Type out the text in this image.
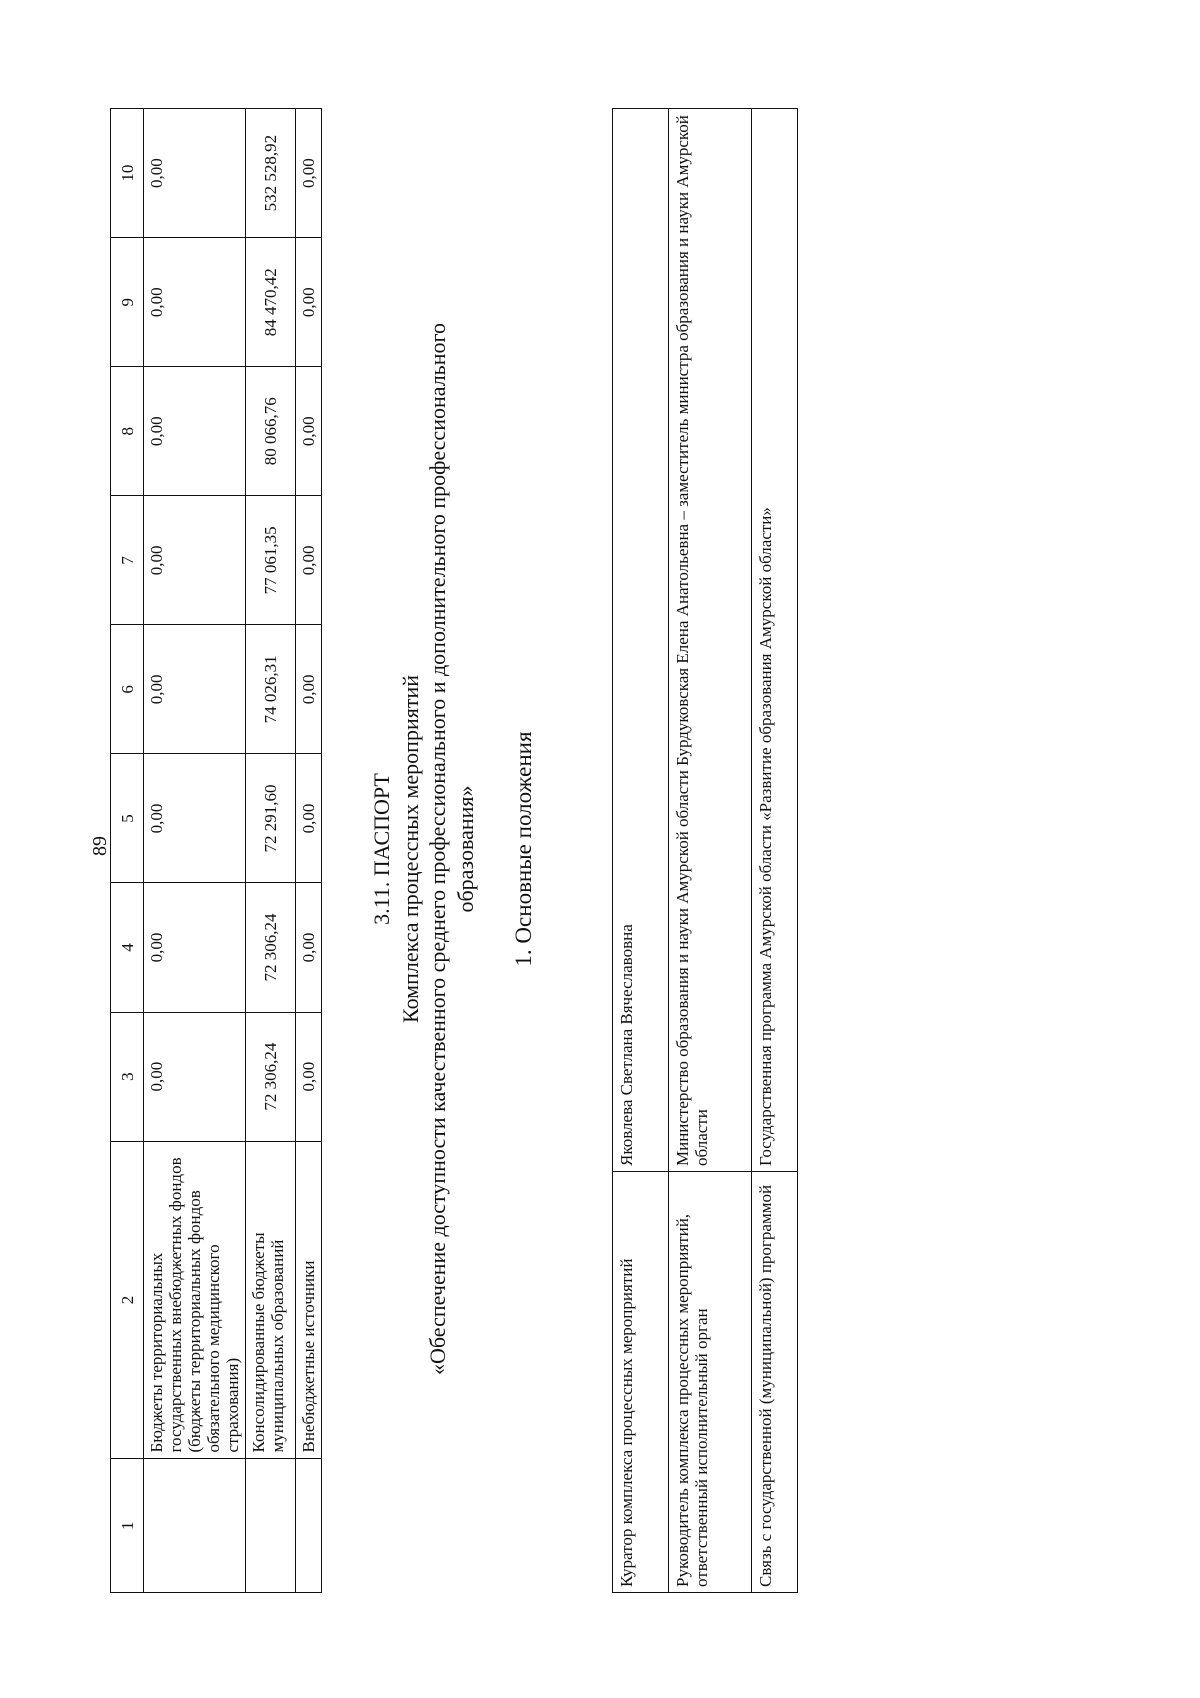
89
1	2	3	4	5	6	7	8	9	10
	Бюджеты территориальных государственных внебюджетных фондов (бюджеты территориальных фондов обязательного медицинского страхования)	0,00	0,00	0,00	0,00	0,00	0,00	0,00	0,00
	Консолидированные бюджеты муниципальных образований	72 306,24	72 306,24	72 291,60	74 026,31	77 061,35	80 066,76	84 470,42	532 528,92
	Внебюджетные источники	0,00	0,00	0,00	0,00	0,00	0,00	0,00	0,00
3.11. ПАСПОРТ Комплекса процессных мероприятий «Обеспечение доступности качественного среднего профессионального и дополнительного профессионального образования» 1. Основные положения
Куратор комплекса процессных мероприятий	Яковлева Светлана Вячеславовна
Руководитель комплекса процессных мероприятий, ответственный исполнительный орган	Министерство образования и науки Амурской области Бурдуковская Елена Анатольевна – заместитель министра образования и науки Амурской области
Связь с государственной (муниципальной) программой	Государственная программа Амурской области «Развитие образования Амурской области»
